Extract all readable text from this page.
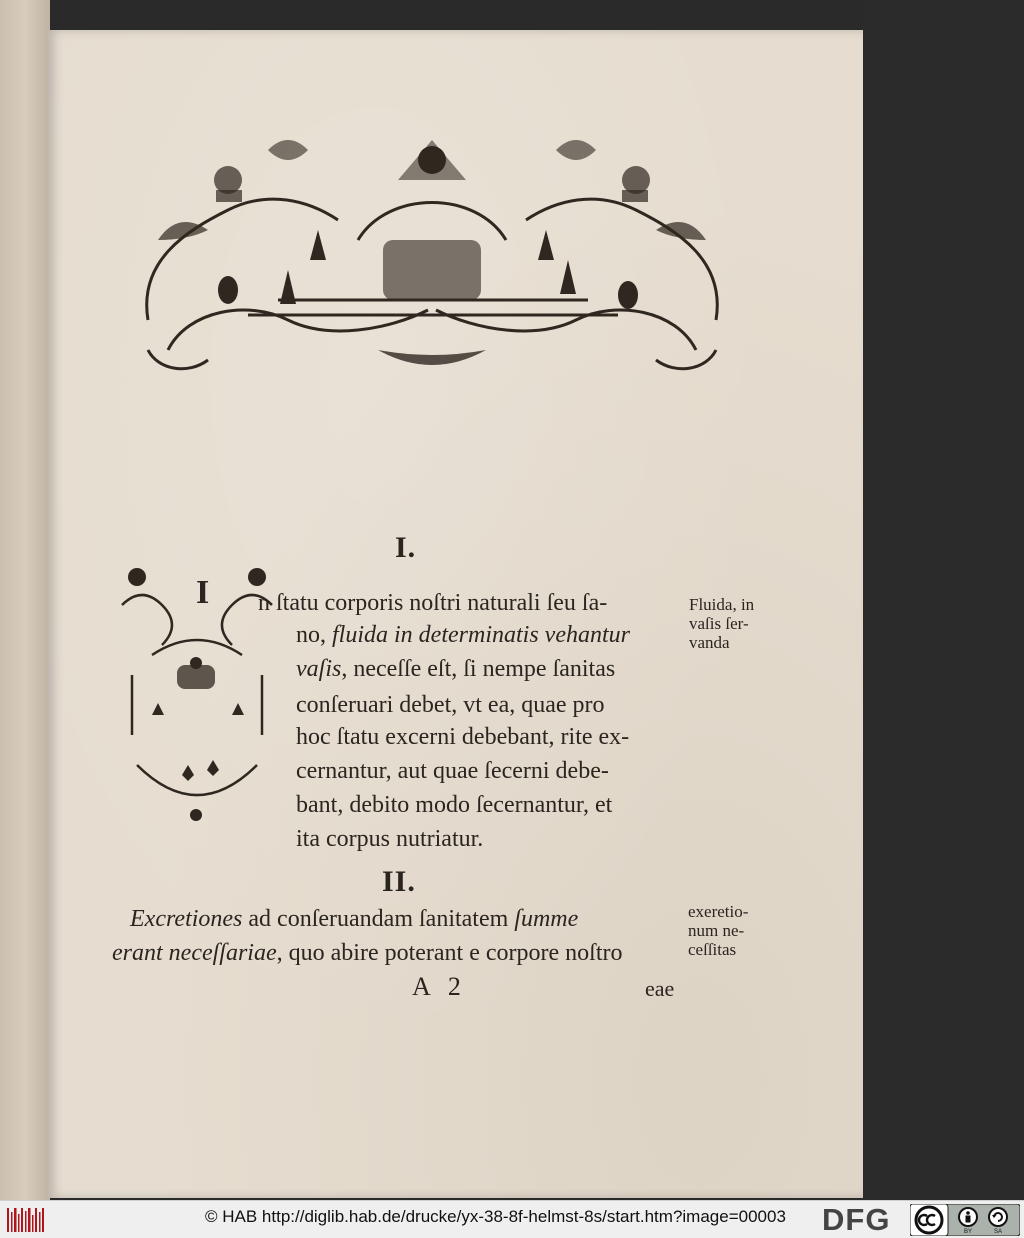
I.
I n ſtatu corporis noſtri naturali ſeu ſa-
no, fluida in determinatis vehantur
vaſis, neceſſe eſt, ſi nempe ſanitas
conſeruari debet, vt ea, quae pro
hoc ſtatu excerni debebant, rite ex-
cernantur, aut quae ſecerni debe-
bant, debito modo ſecernantur, et
ita corpus nutriatur.
Fluida, in
vaſis ſer-
vanda
II.
Excretiones ad conſeruandam ſanitatem ſumme
erant neceſſariae, quo abire poterant e corpore noſtro
exeretio-
num ne-
ceſſitas
A 2	eae
© HAB http://diglib.hab.de/drucke/yx-38-8f-helmst-8s/start.htm?image=00003 DFG	BY	SA
